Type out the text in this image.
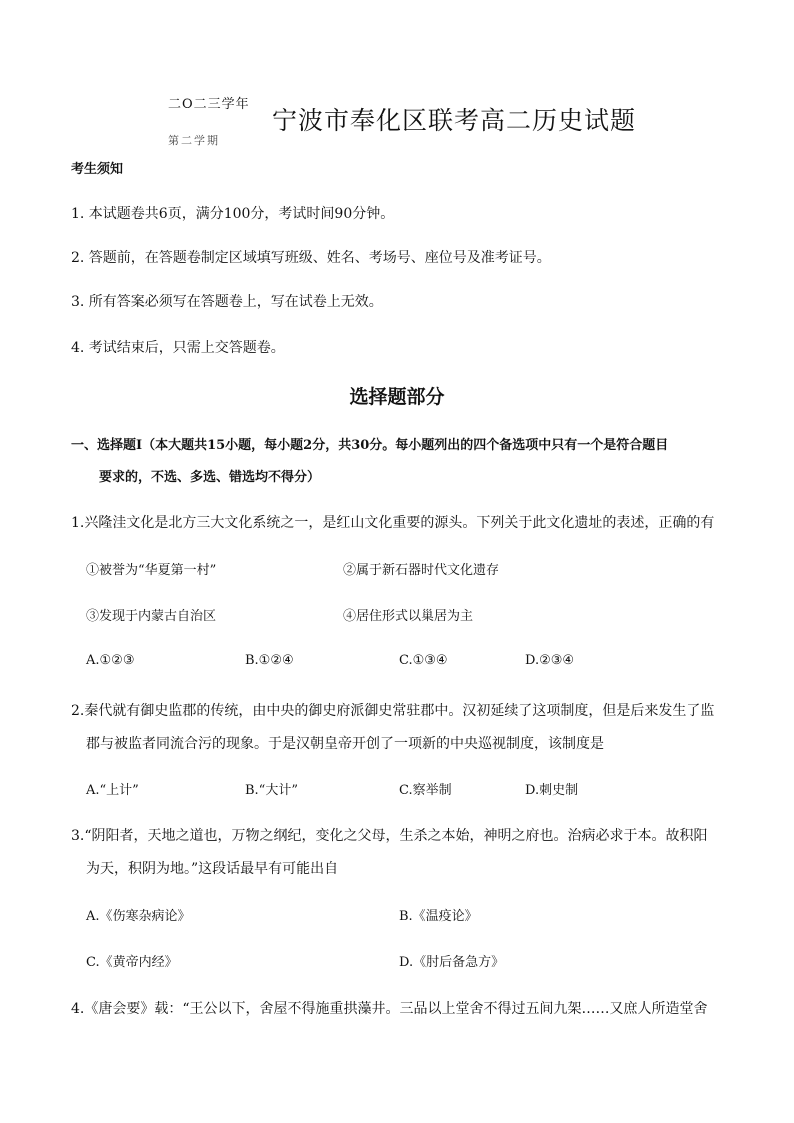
二O二三学年
第二学期
宁波市奉化区联考高二历史试题
考生须知
1. 本试题卷共6页，满分100分，考试时间90分钟。
2. 答题前，在答题卷制定区域填写班级、姓名、考场号、座位号及准考证号。
3. 所有答案必须写在答题卷上，写在试卷上无效。
4. 考试结束后，只需上交答题卷。
选择题部分
一、选择题Ⅰ（本大题共15小题，每小题2分，共30分。每小题列出的四个备选项中只有一个是符合题目
要求的，不选、多选、错选均不得分）
1.兴隆洼文化是北方三大文化系统之一，是红山文化重要的源头。下列关于此文化遗址的表述，正确的有
①被誉为“华夏第一村”	②属于新石器时代文化遗存
③发现于内蒙古自治区	④居住形式以巢居为主
A.①②③	B.①②④	C.①③④	D.②③④
2.秦代就有御史监郡的传统，由中央的御史府派御史常驻郡中。汉初延续了这项制度，但是后来发生了监
郡与被监者同流合污的现象。于是汉朝皇帝开创了一项新的中央巡视制度，该制度是
A.“上计”	B.“大计”	C.察举制	D.刺史制
3.“阴阳者，天地之道也，万物之纲纪，变化之父母，生杀之本始，神明之府也。治病必求于本。故积阳
为天，积阴为地。”这段话最早有可能出自
A.《伤寒杂病论》	B.《温疫论》
C.《黄帝内经》	D.《肘后备急方》
4.《唐会要》载：“王公以下，舍屋不得施重拱藻井。三品以上堂舍不得过五间九架……又庶人所造堂舍
